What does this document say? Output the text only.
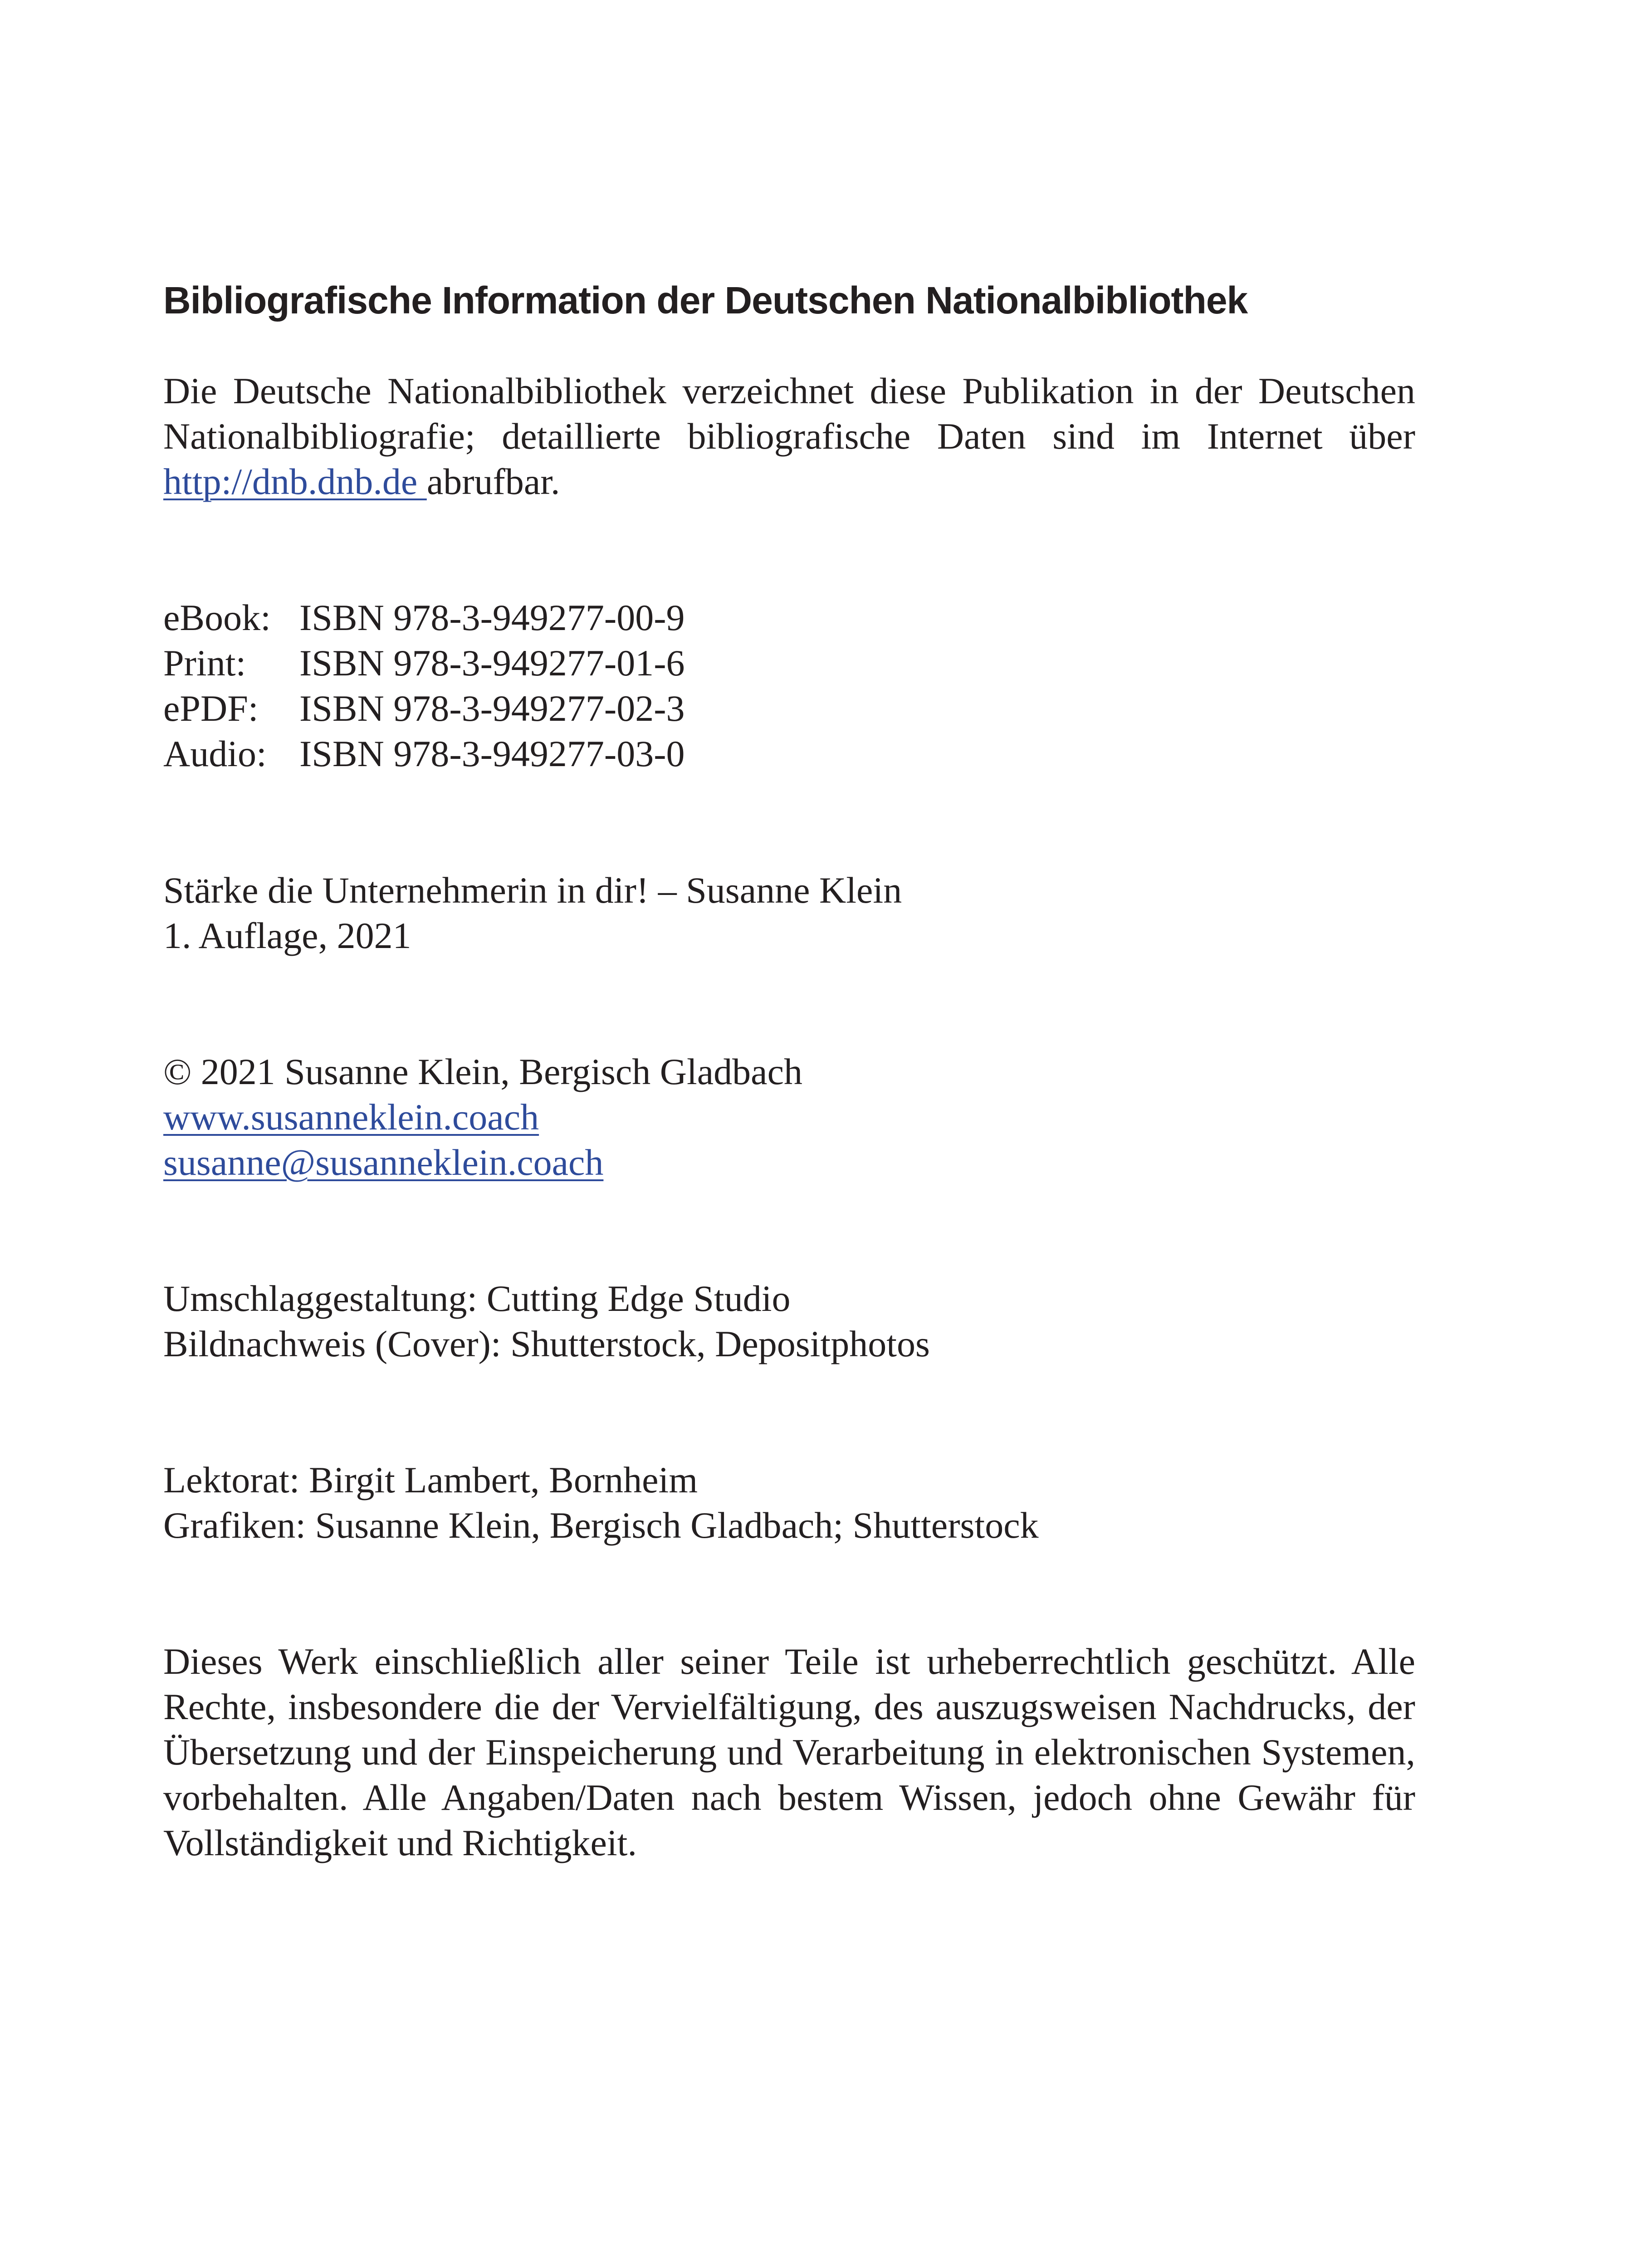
Bibliografische Information der Deutschen Nationalbibliothek

Die Deutsche Nationalbibliothek verzeichnet diese Publikation in der Deutschen Nationalbibliografie; detaillierte bibliografische Daten sind im Internet über http://dnb.dnb.de abrufbar.

eBook: ISBN 978-3-949277-00-9
Print:	ISBN 978-3-949277-01-6
ePDF:	ISBN 978-3-949277-02-3
Audio: ISBN 978-3-949277-03-0
Stärke die Unternehmerin in dir! – Susanne Klein
1. Auflage, 2021
© 2021 Susanne Klein, Bergisch Gladbach
www.susanneklein.coach
susanne@susanneklein.coach
Umschlaggestaltung: Cutting Edge Studio
Bildnachweis (Cover): Shutterstock, Depositphotos
Lektorat: Birgit Lambert, Bornheim
Grafiken: Susanne Klein, Bergisch Gladbach; Shutterstock

Dieses Werk einschließlich aller seiner Teile ist urheberrechtlich geschützt. Alle Rechte, insbesondere die der Vervielfältigung, des auszugsweisen Nachdrucks, der Übersetzung und der Einspeicherung und Verarbeitung in elektronischen Systemen, vorbehalten. Alle Angaben/Daten nach bestem Wissen, jedoch ohne Gewähr für Vollständigkeit und Richtigkeit.
